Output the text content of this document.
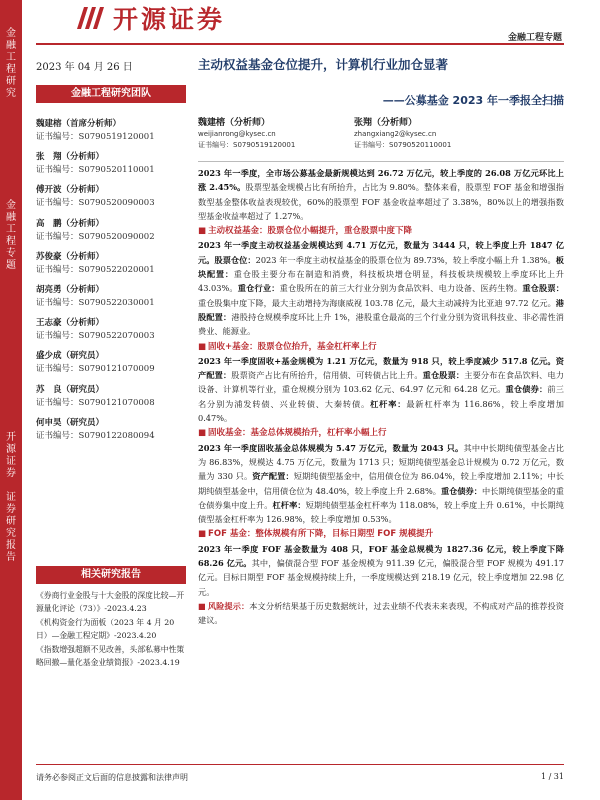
金
融
工
程
研
究
金
融
工
程
专
题
开
源
证
券

证
券
研
究
报
告
开源证券
金融工程专题
2023 年 04 月 26 日
金融工程研究团队
魏建榕（首席分析师）
证书编号：S0790519120001
张　翔（分析师）
证书编号：S0790520110001
傅开波（分析师）
证书编号：S0790520090003
高　鹏（分析师）
证书编号：S0790520090002
苏俊豪（分析师）
证书编号：S0790522020001
胡亮勇（分析师）
证书编号：S0790522030001
王志豪（分析师）
证书编号：S0790522070003
盛少成（研究员）
证书编号：S0790121070009
苏　良（研究员）
证书编号：S0790121070008
何申昊（研究员）
证书编号：S0790122080094
相关研究报告
《券商行业金股与十大金股的深度比较—开源量化评论（73）》-2023.4.23
《机构资金行为面板（2023 年 4 月 20 日）—金融工程定期》-2023.4.20
《指数增强超额不见改善，头部私募中性策略回撤—量化基金业绩简报》-2023.4.19
主动权益基金仓位提升，计算机行业加仓显著
——公募基金 2023 年一季报全扫描
魏建榕（分析师）
weijianrong@kysec.cn
证书编号：S0790519120001
张翔（分析师）
zhangxiang2@kysec.cn
证书编号：S0790520110001

2023 年一季度，全市场公募基金最新规模达到 26.72 万亿元，较上季度的 26.08 万亿元环比上涨 2.45%。股票型基金规模占比有所抬升，占比为 9.80%。整体来看，股票型 FOF 基金和增强指数型基金整体收益表现较优，60%的股票型 FOF 基金收益率超过了 3.38%，80%以上的增强指数型基金收益率超过了 1.27%。

■ 主动权益基金：股票仓位小幅提升，重仓股票中度下降

2023 年一季度主动权益基金规模达到 4.71 万亿元，数量为 3444 只，较上季度上升 1847 亿元。股票仓位：2023 年一季度主动权益基金的股票仓位为 89.73%，较上季度小幅上升 1.38%。板块配置：重仓股主要分布在制造和消费，科技板块增仓明显，科技板块规模较上季度环比上升 43.03%。重仓行业：重仓股所在的前三大行业分别为食品饮料、电力设备、医药生物。重仓股票：重仓股集中度下降，最大主动增持为海康威视 103.78 亿元，最大主动减持为比亚迪 97.72 亿元。港股配置：港股持仓规模季度环比上升 1%，港股重仓最高的三个行业分别为资讯科技业、非必需性消费业、能源业。

■ 固收+基金：股票仓位抬升，基金杠杆率上行

2023 年一季度固收+基金规模为 1.21 万亿元，数量为 918 只，较上季度减少 517.8 亿元。资产配置：股票资产占比有所抬升，信用债、可转债占比上升。重仓股票：主要分布在食品饮料、电力设备、计算机等行业，重仓规模分别为 103.62 亿元、64.97 亿元和 64.28 亿元。重仓债券：前三名分别为浦发转债、兴业转债、大秦转债。杠杆率：最新杠杆率为 116.86%，较上季度增加 0.47%。

■ 固收基金：基金总体规模抬升，杠杆率小幅上行

2023 年一季度固收基金总体规模为 5.47 万亿元，数量为 2043 只。其中中长期纯债型基金占比为 86.83%，规模达 4.75 万亿元，数量为 1713 只；短期纯债型基金总计规模为 0.72 万亿元，数量为 330 只。资产配置：短期纯债型基金中，信用债仓位为 86.04%，较上季度增加 2.11%；中长期纯债型基金中，信用债仓位为 48.40%，较上季度上升 2.68%。重仓债券：中长期纯债型基金的重仓债券集中度上升。杠杆率：短期纯债型基金杠杆率为 118.08%，较上季度上升 0.61%，中长期纯债型基金杠杆率为 126.98%，较上季度增加 0.53%。

■ FOF 基金：整体规模有所下降，目标日期型 FOF 规模提升

2023 年一季度 FOF 基金数量为 408 只，FOF 基金总规模为 1827.36 亿元，较上季度下降 68.26 亿元。其中，偏债混合型 FOF 基金规模为 911.39 亿元，偏股混合型 FOF 规模为 491.17 亿元。目标日期型 FOF 基金规模持续上升，一季度规模达到 218.19 亿元，较上季度增加 22.98 亿元。

■ 风险提示：本文分析结果基于历史数据统计，过去业绩不代表未来表现，不构成对产品的推荐投资建议。

请务必参阅正文后面的信息披露和法律声明	1 / 31
